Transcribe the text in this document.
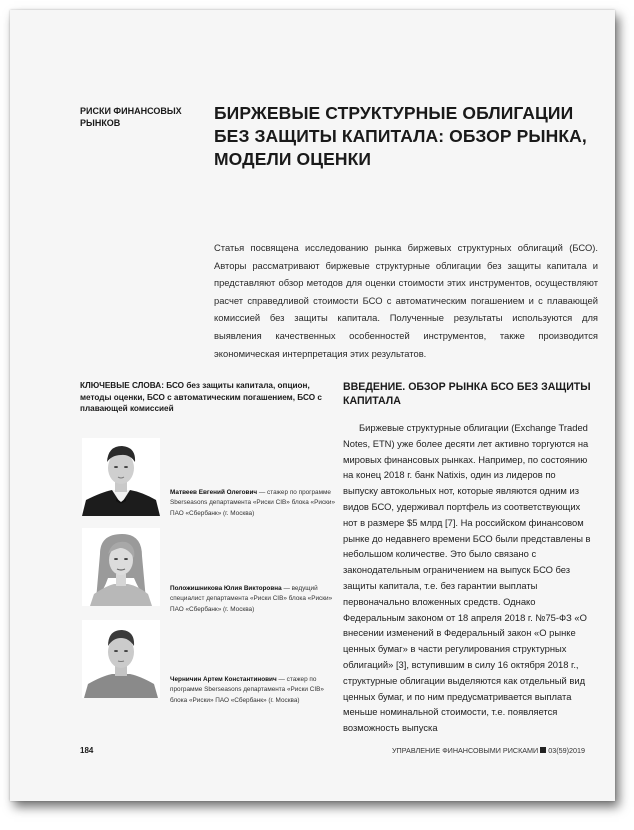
РИСКИ ФИНАНСОВЫХ РЫНКОВ	БИРЖЕВЫЕ СТРУКТУРНЫЕ ОБЛИГАЦИИ БЕЗ ЗАЩИТЫ КАПИТАЛА: ОБЗОР РЫНКА, МОДЕЛИ ОЦЕНКИ
Статья посвящена исследованию рынка биржевых структурных облигаций (БСО). Авторы рассматривают биржевые структурные облигации без защиты капитала и представляют обзор методов для оценки стоимости этих инструментов, осуществляют расчет справедливой стоимости БСО с автоматическим погашением и с плавающей комиссией без защиты капитала. Полученные результаты используются для выявления качественных особенностей инструментов, также производится экономическая интерпретация этих результатов.
КЛЮЧЕВЫЕ СЛОВА: БСО без защиты капитала, опцион, методы оценки, БСО с автоматическим погашением, БСО с плавающей комиссией
Матвеев Евгений Олегович — стажер по программе Sberseasons департамента «Риски CIB» блока «Риски» ПАО «Сбербанк» (г. Москва)
Положишникова Юлия Викторовна — ведущий специалист департамента «Риски CIB» блока «Риски» ПАО «Сбербанк» (г. Москва)
Черничин Артем Константинович — стажер по программе Sberseasons департамента «Риски CIB» блока «Риски» ПАО «Сбербанк» (г. Москва)
ВВЕДЕНИЕ. ОБЗОР РЫНКА БСО БЕЗ ЗАЩИТЫ КАПИТАЛА

Биржевые структурные облигации (Exchange Traded Notes, ETN) уже более десяти лет активно торгуются на мировых финансовых рынках. Например, по состоянию на конец 2018 г. банк Natixis, один из лидеров по выпуску автокольных нот, которые являются одним из видов БСО, удерживал портфель из соответствующих нот в размере $5 млрд [7]. На российском финансовом рынке до недавнего времени БСО были представлены в небольшом количестве. Это было связано с законодательным ограничением на выпуск БСО без защиты капитала, т.е. без гарантии выплаты первоначально вложенных средств. Однако Федеральным законом от 18 апреля 2018 г. №75-ФЗ «О внесении изменений в Федеральный закон «О рынке ценных бумаг» в части регулирования структурных облигаций» [3], вступившим в силу 16 октября 2018 г., структурные облигации выделяются как отдельный вид ценных бумаг, и по ним предусматривается выплата меньше номинальной стоимости, т.е. появляется возможность выпуска

184	УПРАВЛЕНИЕ ФИНАНСОВЫМИ РИСКАМИ 03(59)2019
